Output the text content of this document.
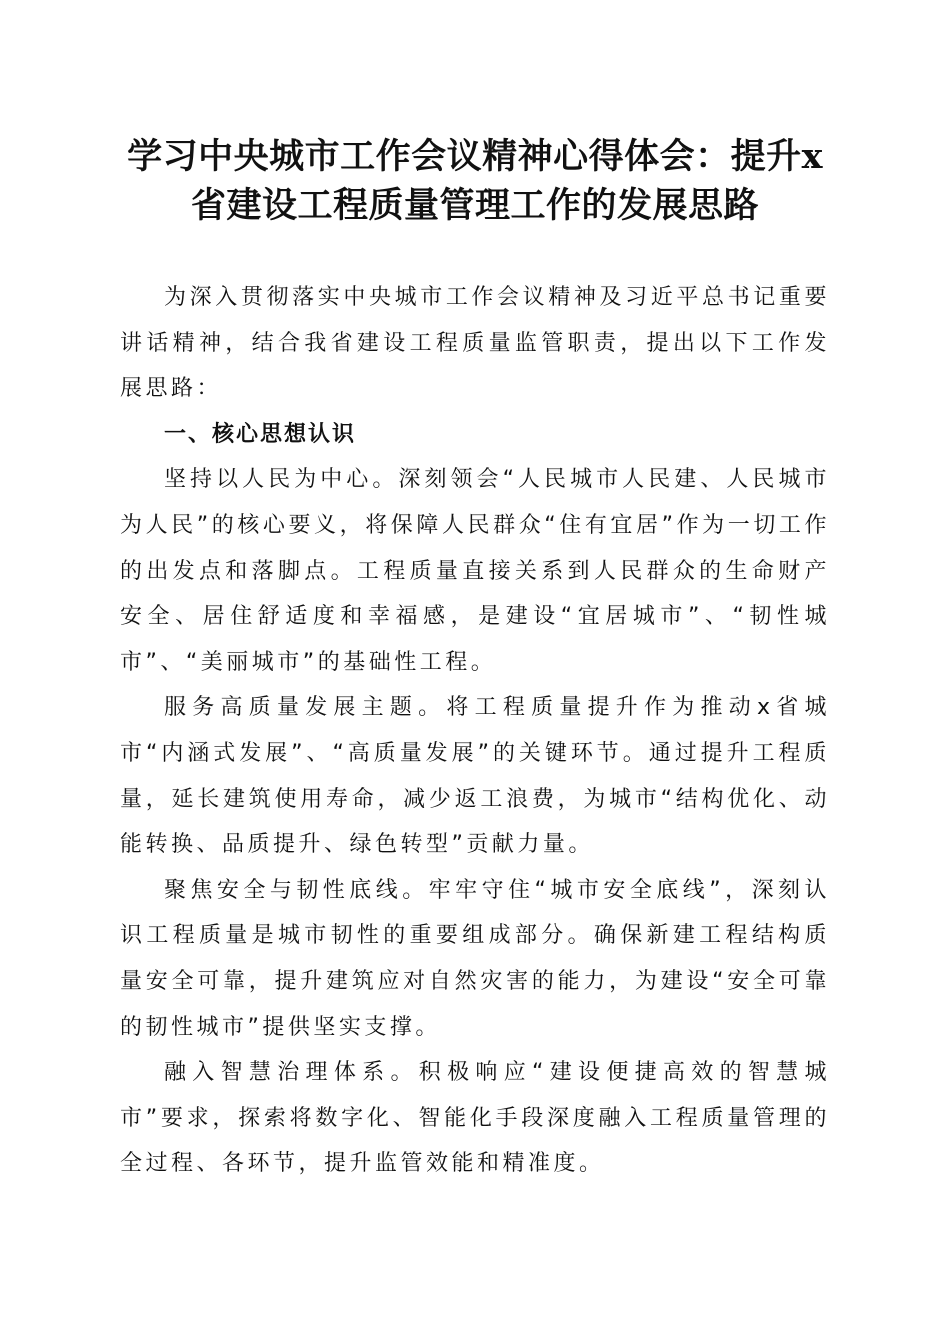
学习中央城市工作会议精神心得体会：提升x
省建设工程质量管理工作的发展思路

为深入贯彻落实中央城市工作会议精神及习近平总书记重要讲话精神，结合我省建设工程质量监管职责，提出以下工作发展思路：

一、核心思想认识

坚持以人民为中心。深刻领会“人民城市人民建、人民城市为人民”的核心要义，将保障人民群众“住有宜居”作为一切工作的出发点和落脚点。工程质量直接关系到人民群众的生命财产安全、居住舒适度和幸福感，是建设“宜居城市”、“韧性城市”、“美丽城市”的基础性工程。

服务高质量发展主题。将工程质量提升作为推动x省城市“内涵式发展”、“高质量发展”的关键环节。通过提升工程质量，延长建筑使用寿命，减少返工浪费，为城市“结构优化、动能转换、品质提升、绿色转型”贡献力量。

聚焦安全与韧性底线。牢牢守住“城市安全底线”，深刻认识工程质量是城市韧性的重要组成部分。确保新建工程结构质量安全可靠，提升建筑应对自然灾害的能力，为建设“安全可靠的韧性城市”提供坚实支撑。

融入智慧治理体系。积极响应“建设便捷高效的智慧城市”要求，探索将数字化、智能化手段深度融入工程质量管理的全过程、各环节，提升监管效能和精准度。
